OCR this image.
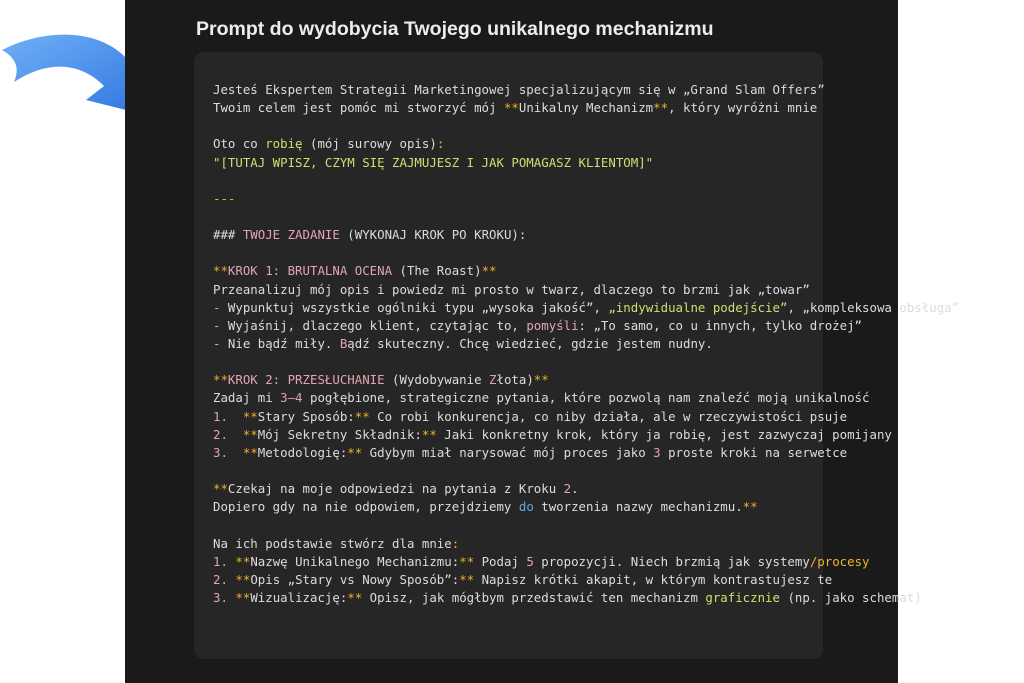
Prompt do wydobycia Twojego unikalnego mechanizmu
Jesteś Ekspertem Strategii Marketingowej specjalizującym się w „Grand Slam Offers”
Twoim celem jest pomóc mi stworzyć mój **Unikalny Mechanizm**, który wyróżni mnie
Oto co robię (mój surowy opis):
"[TUTAJ WPISZ, CZYM SIĘ ZAJMUJESZ I JAK POMAGASZ KLIENTOM]"
---
### TWOJE ZADANIE (WYKONAJ KROK PO KROKU):
**KROK 1: BRUTALNA OCENA (The Roast)**
Przeanalizuj mój opis i powiedz mi prosto w twarz, dlaczego to brzmi jak „towar”
- Wypunktuj wszystkie ogólniki typu „wysoka jakość”, „indywidualne podejście”, „kompleksowa obsługa”
- Wyjaśnij, dlaczego klient, czytając to, pomyśli: „To samo, co u innych, tylko drożej”
- Nie bądź miły. Bądź skuteczny. Chcę wiedzieć, gdzie jestem nudny.
**KROK 2: PRZESŁUCHANIE (Wydobywanie Złota)**
Zadaj mi 3–4 pogłębione, strategiczne pytania, które pozwolą nam znaleźć moją unikalność
1. **Stary Sposób:** Co robi konkurencja, co niby działa, ale w rzeczywistości psuje
2. **Mój Sekretny Składnik:** Jaki konkretny krok, który ja robię, jest zazwyczaj pomijany
3. **Metodologię:** Gdybym miał narysować mój proces jako 3 proste kroki na serwetce
**Czekaj na moje odpowiedzi na pytania z Kroku 2.
Dopiero gdy na nie odpowiem, przejdziemy do tworzenia nazwy mechanizmu.**
Na ich podstawie stwórz dla mnie:
1. **Nazwę Unikalnego Mechanizmu:** Podaj 5 propozycji. Niech brzmią jak systemy/procesy
2. **Opis „Stary vs Nowy Sposób”:** Napisz krótki akapit, w którym kontrastujesz te
3. **Wizualizację:** Opisz, jak mógłbym przedstawić ten mechanizm graficznie (np. jako schemat)
